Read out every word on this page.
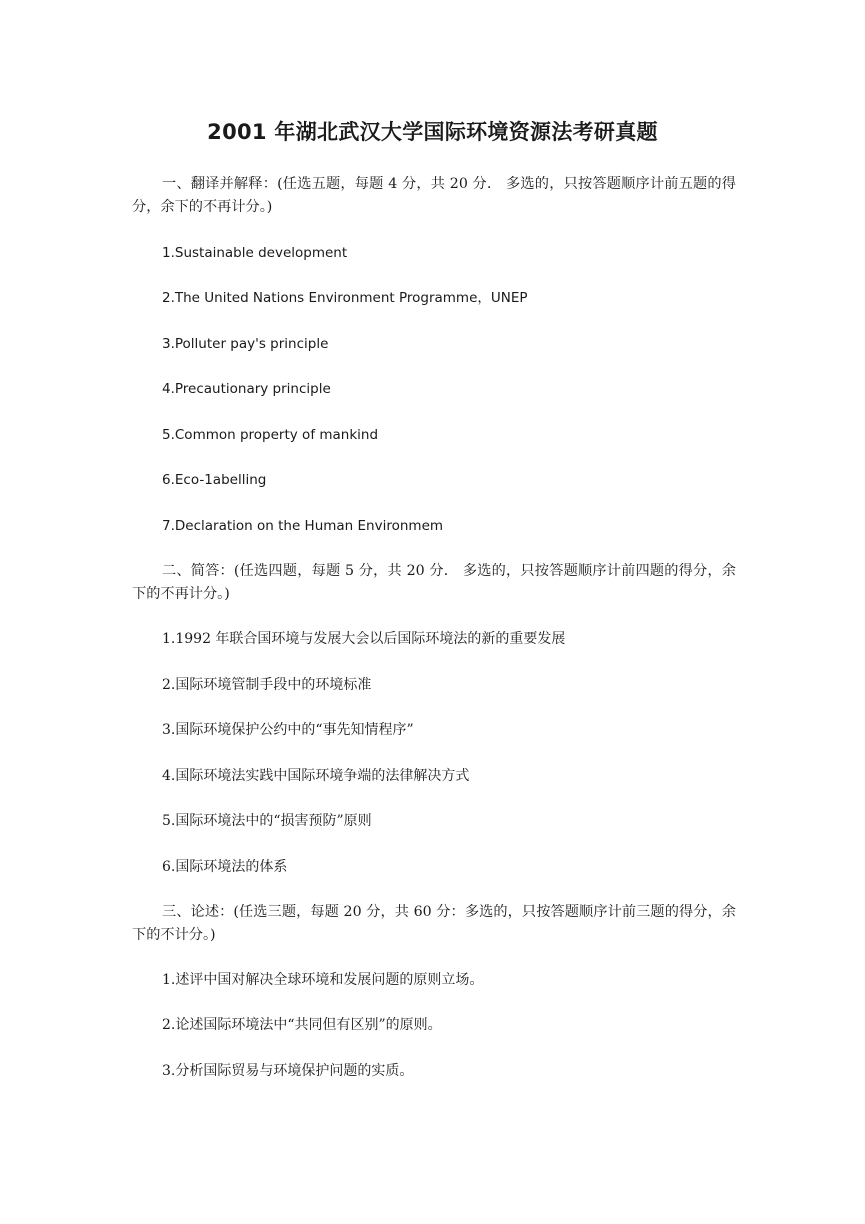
2001 年湖北武汉大学国际环境资源法考研真题

一、翻译并解释：(任选五题，每题 4 分，共 20 分． 多选的，只按答题顺序计前五题的得分，余下的不再计分。)

1.Sustainable development

2.The United Nations Environment Programme，UNEP

3.Polluter pay's principle

4.Precautionary principle

5.Common property of mankind

6.Eco-1abelling

7.Declaration on the Human Environmem

二、简答：(任选四题，每题 5 分，共 20 分． 多选的，只按答题顺序计前四题的得分，余下的不再计分。)

1.1992 年联合国环境与发展大会以后国际环境法的新的重要发展

2.国际环境管制手段中的环境标准

3.国际环境保护公约中的“事先知情程序”

4.国际环境法实践中国际环境争端的法律解决方式

5.国际环境法中的“损害预防”原则

6.国际环境法的体系

三、论述：(任选三题，每题 20 分，共 60 分：多选的，只按答题顺序计前三题的得分，余下的不计分。)

1.述评中国对解决全球环境和发展问题的原则立场。

2.论述国际环境法中“共同但有区别”的原则。

3.分析国际贸易与环境保护问题的实质。
